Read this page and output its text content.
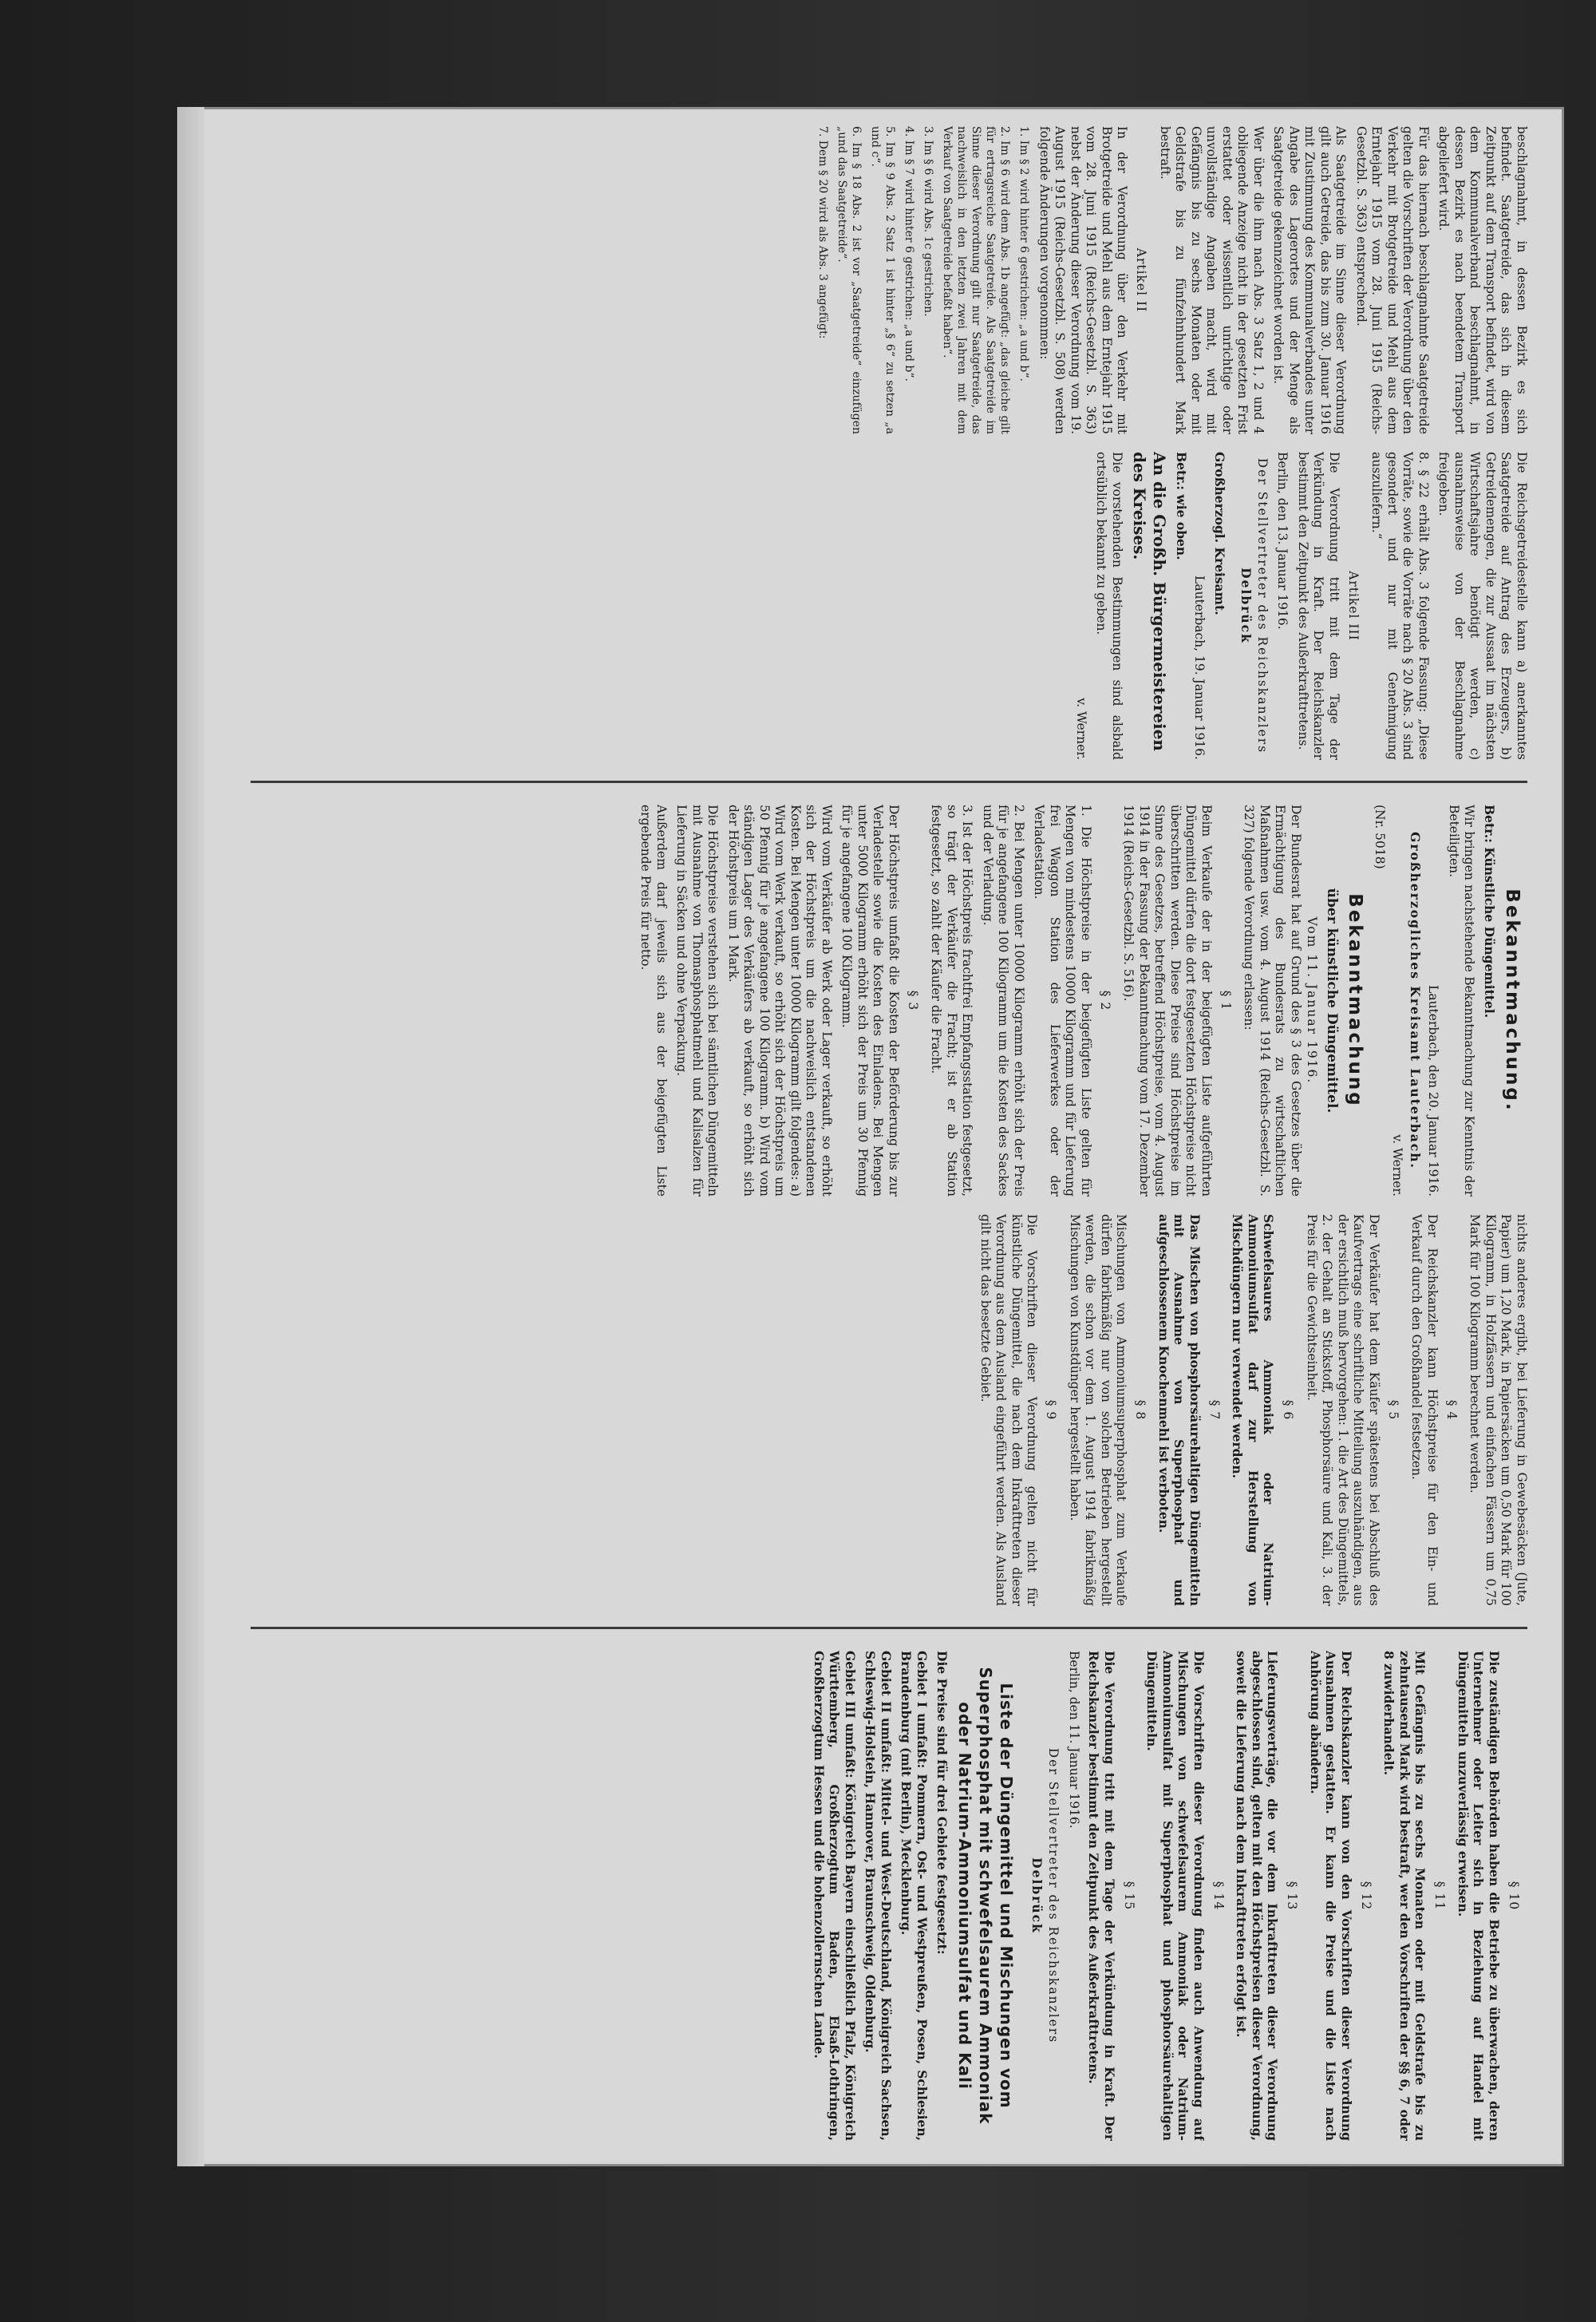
beschlagnahmt, in dessen Bezirk es sich befindet. Saatgetreide, das sich in diesem Zeitpunkt auf dem Transport befindet, wird von dem Kommunalverband beschlagnahmt, in dessen Bezirk es nach beendetem Transport abgeliefert wird.

Für das hiernach beschlagnahmte Saatgetreide gelten die Vorschriften der Verordnung über den Verkehr mit Brotgetreide und Mehl aus dem Erntejahr 1915 vom 28. Juni 1915 (Reichs-Gesetzbl. S. 363) entsprechend.

Als Saatgetreide im Sinne dieser Verordnung gilt auch Getreide, das bis zum 30. Januar 1916 mit Zustimmung des Kommunalverbandes unter Angabe des Lagerortes und der Menge als Saatgetreide gekennzeichnet worden ist.

Wer über die ihm nach Abs. 3 Satz 1, 2 und 4 obliegende Anzeige nicht in der gesetzten Frist erstattet oder wissentlich unrichtige oder unvollständige Angaben macht, wird mit Gefängnis bis zu sechs Monaten oder mit Geldstrafe bis zu fünfzehnhundert Mark bestraft.

Artikel II

In der Verordnung über den Verkehr mit Brotgetreide und Mehl aus dem Erntejahr 1915 vom 28. Juni 1915 (Reichs-Gesetzbl. S. 363) nebst der Änderung dieser Verordnung vom 19. August 1915 (Reichs-Gesetzbl. S. 508) werden folgende Änderungen vorgenommen:

1. Im § 2 wird hinter 6 gestrichen: „a und b“.

2. Im § 6 wird dem Abs. 1b angefügt: „das gleiche gilt für ertragsreiche Saatgetreide. Als Saatgetreide im Sinne dieser Verordnung gilt nur Saatgetreide, das nachweislich in den letzten zwei Jahren mit dem Verkauf von Saatgetreide befaßt haben“.

3. Im § 6 wird Abs. 1c gestrichen.

4. Im § 7 wird hinter 6 gestrichen: „a und b“.

5. Im § 9 Abs. 2 Satz 1 ist hinter „§ 6“ zu setzen „a und c“.

6. Im § 18 Abs. 2 ist vor „Saatgetreide“ einzufügen „und das Saatgetreide“.

7. Dem § 20 wird als Abs. 3 angefügt:

Die Reichsgetreidestelle kann a) anerkanntes Saatgetreide auf Antrag des Erzeugers, b) Getreidemengen, die zur Aussaat im nächsten Wirtschaftsjahre benötigt werden, c) ausnahmsweise von der Beschlagnahme freigeben.

8. § 22 erhält Abs. 3 folgende Fassung: „Diese Vorräte, sowie die Vorräte nach § 20 Abs. 3 sind gesondert und nur mit Genehmigung auszuliefern.“

Artikel III

Die Verordnung tritt mit dem Tage der Verkündung in Kraft. Der Reichskanzler bestimmt den Zeitpunkt des Außerkrafttretens.

Berlin, den 13. Januar 1916.

Der Stellvertreter des Reichskanzlers
Delbrück

Großherzogl. Kreisamt.

Lauterbach, 19. Januar 1916.

Betr.: wie oben.

An die Großh. Bürgermeistereien des Kreises.

Die vorstehenden Bestimmungen sind alsbald ortsüblich bekannt zu geben.

v. Werner.
Bekanntmachung.

Betr.: Künstliche Düngemittel.

Wir bringen nachstehende Bekanntmachung zur Kenntnis der Beteiligten.

Lauterbach, den 20. Januar 1916.
Großherzogliches Kreisamt Lauterbach.
v. Werner.

(Nr. 5018)

Bekanntmachung
über künstliche Düngemittel.
Vom 11. Januar 1916.

Der Bundesrat hat auf Grund des § 3 des Gesetzes über die Ermächtigung des Bundesrats zu wirtschaftlichen Maßnahmen usw. vom 4. August 1914 (Reichs-Gesetzbl. S. 327) folgende Verordnung erlassen:

§ 1

Beim Verkaufe der in der beigefügten Liste aufgeführten Düngemittel dürfen die dort festgesetzten Höchstpreise nicht überschritten werden. Diese Preise sind Höchstpreise im Sinne des Gesetzes, betreffend Höchstpreise, vom 4. August 1914 in der Fassung der Bekanntmachung vom 17. Dezember 1914 (Reichs-Gesetzbl. S. 516).

§ 2

1. Die Höchstpreise in der beigefügten Liste gelten für Mengen von mindestens 10000 Kilogramm und für Lieferung frei Waggon Station des Lieferwerkes oder der Verladestation.

2. Bei Mengen unter 10000 Kilogramm erhöht sich der Preis für je angefangene 100 Kilogramm um die Kosten des Sackes und der Verladung.

3. Ist der Höchstpreis frachtfrei Empfangsstation festgesetzt, so trägt der Verkäufer die Fracht; ist er ab Station festgesetzt, so zahlt der Käufer die Fracht.

§ 3

Der Höchstpreis umfaßt die Kosten der Beförderung bis zur Verladestelle sowie die Kosten des Einladens. Bei Mengen unter 5000 Kilogramm erhöht sich der Preis um 30 Pfennig für je angefangene 100 Kilogramm.

Wird vom Verkäufer ab Werk oder Lager verkauft, so erhöht sich der Höchstpreis um die nachweislich entstandenen Kosten. Bei Mengen unter 10000 Kilogramm gilt folgendes: a) Wird vom Werk verkauft, so erhöht sich der Höchstpreis um 50 Pfennig für je angefangene 100 Kilogramm. b) Wird vom ständigen Lager des Verkäufers ab verkauft, so erhöht sich der Höchstpreis um 1 Mark.

Die Höchstpreise verstehen sich bei sämtlichen Düngemitteln mit Ausnahme von Thomasphosphatmehl und Kalisalzen für Lieferung in Säcken und ohne Verpackung.

Außerdem darf jeweils sich aus der beigefügten Liste ergebende Preis für netto.

nichts anderes ergibt, bei Lieferung in Gewebesäcken (Jute, Papier) um 1,20 Mark, in Papiersäcken um 0,50 Mark für 100 Kilogramm, in Holzfässern und einfachen Fässern um 0,75 Mark für 100 Kilogramm berechnet werden.

§ 4

Der Reichskanzler kann Höchstpreise für den Ein- und Verkauf durch den Großhandel festsetzen.

§ 5

Der Verkäufer hat dem Käufer spätestens bei Abschluß des Kaufvertrags eine schriftliche Mitteilung auszuhändigen, aus der ersichtlich muß hervorgehen: 1. die Art des Düngemittels, 2. der Gehalt an Stickstoff, Phosphorsäure und Kali, 3. der Preis für die Gewichtseinheit.

§ 6

Schwefelsaures Ammoniak oder Natrium-Ammoniumsulfat darf zur Herstellung von Mischdüngern nur verwendet werden.

§ 7

Das Mischen von phosphorsäurehaltigen Düngemitteln mit Ausnahme von Superphosphat und aufgeschlossenem Knochenmehl ist verboten.

§ 8

Mischungen von Ammoniumsuperphosphat zum Verkaufe dürfen fabrikmäßig nur von solchen Betrieben hergestellt werden, die schon vor dem 1. August 1914 fabrikmäßig Mischungen von Kunstdünger hergestellt haben.

§ 9

Die Vorschriften dieser Verordnung gelten nicht für künstliche Düngemittel, die nach dem Inkrafttreten dieser Verordnung aus dem Ausland eingeführt werden. Als Ausland gilt nicht das besetzte Gebiet.

§ 10

Die zuständigen Behörden haben die Betriebe zu überwachen, deren Unternehmer oder Leiter sich in Beziehung auf Handel mit Düngemitteln unzuverlässig erweisen.

§ 11

Mit Gefängnis bis zu sechs Monaten oder mit Geldstrafe bis zu zehntausend Mark wird bestraft, wer den Vorschriften der §§ 6, 7 oder 8 zuwiderhandelt.

§ 12

Der Reichskanzler kann von den Vorschriften dieser Verordnung Ausnahmen gestatten. Er kann die Preise und die Liste nach Anhörung abändern.

§ 13

Lieferungsverträge, die vor dem Inkrafttreten dieser Verordnung abgeschlossen sind, gelten mit den Höchstpreisen dieser Verordnung, soweit die Lieferung nach dem Inkrafttreten erfolgt ist.

§ 14

Die Vorschriften dieser Verordnung finden auch Anwendung auf Mischungen von schwefelsaurem Ammoniak oder Natrium-Ammoniumsulfat mit Superphosphat und phosphorsäurehaltigen Düngemitteln.

§ 15

Die Verordnung tritt mit dem Tage der Verkündung in Kraft. Der Reichskanzler bestimmt den Zeitpunkt des Außerkrafttretens.

Berlin, den 11. Januar 1916.

Der Stellvertreter des Reichskanzlers
Delbrück
Liste der Düngemittel und Mischungen vom Superphosphat mit schwefelsaurem Ammoniak oder Natrium-Ammoniumsulfat und Kali

Die Preise sind für drei Gebiete festgesetzt:

Gebiet I umfaßt: Pommern, Ost- und Westpreußen, Posen, Schlesien, Brandenburg (mit Berlin), Mecklenburg.

Gebiet II umfaßt: Mittel- und West-Deutschland, Königreich Sachsen, Schleswig-Holstein, Hannover, Braunschweig, Oldenburg.

Gebiet III umfaßt: Königreich Bayern einschließlich Pfalz, Königreich Württemberg, Großherzogtum Baden, Elsaß-Lothringen, Großherzogtum Hessen und die hohenzollernschen Lande.
